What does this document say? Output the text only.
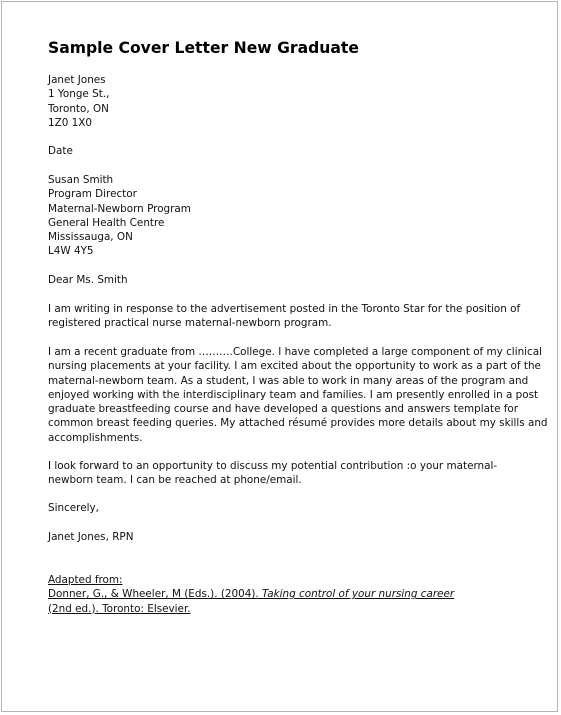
Sample Cover Letter New Graduate
Janet Jones
1 Yonge St.,
Toronto, ON
1Z0 1X0
Date
Susan Smith
Program Director
Maternal-Newborn Program
General Health Centre
Mississauga, ON
L4W 4Y5
Dear Ms. Smith
I am writing in response to the advertisement posted in the Toronto Star for the position of
registered practical nurse maternal-newborn program.
I am a recent graduate from ……….College. I have completed a large component of my clinical
nursing placements at your facility. I am excited about the opportunity to work as a part of the
maternal-newborn team. As a student, I was able to work in many areas of the program and
enjoyed working with the interdisciplinary team and families. I am presently enrolled in a post
graduate breastfeeding course and have developed a questions and answers template for
common breast feeding queries. My attached résumé provides more details about my skills and
accomplishments.
I look forward to an opportunity to discuss my potential contribution :o your maternal-
newborn team. I can be reached at phone/email.
Sincerely,
Janet Jones, RPN
Adapted from:
Donner, G., & Wheeler, M (Eds.). (2004). Taking control of your nursing career
(2nd ed.). Toronto: Elsevier.
